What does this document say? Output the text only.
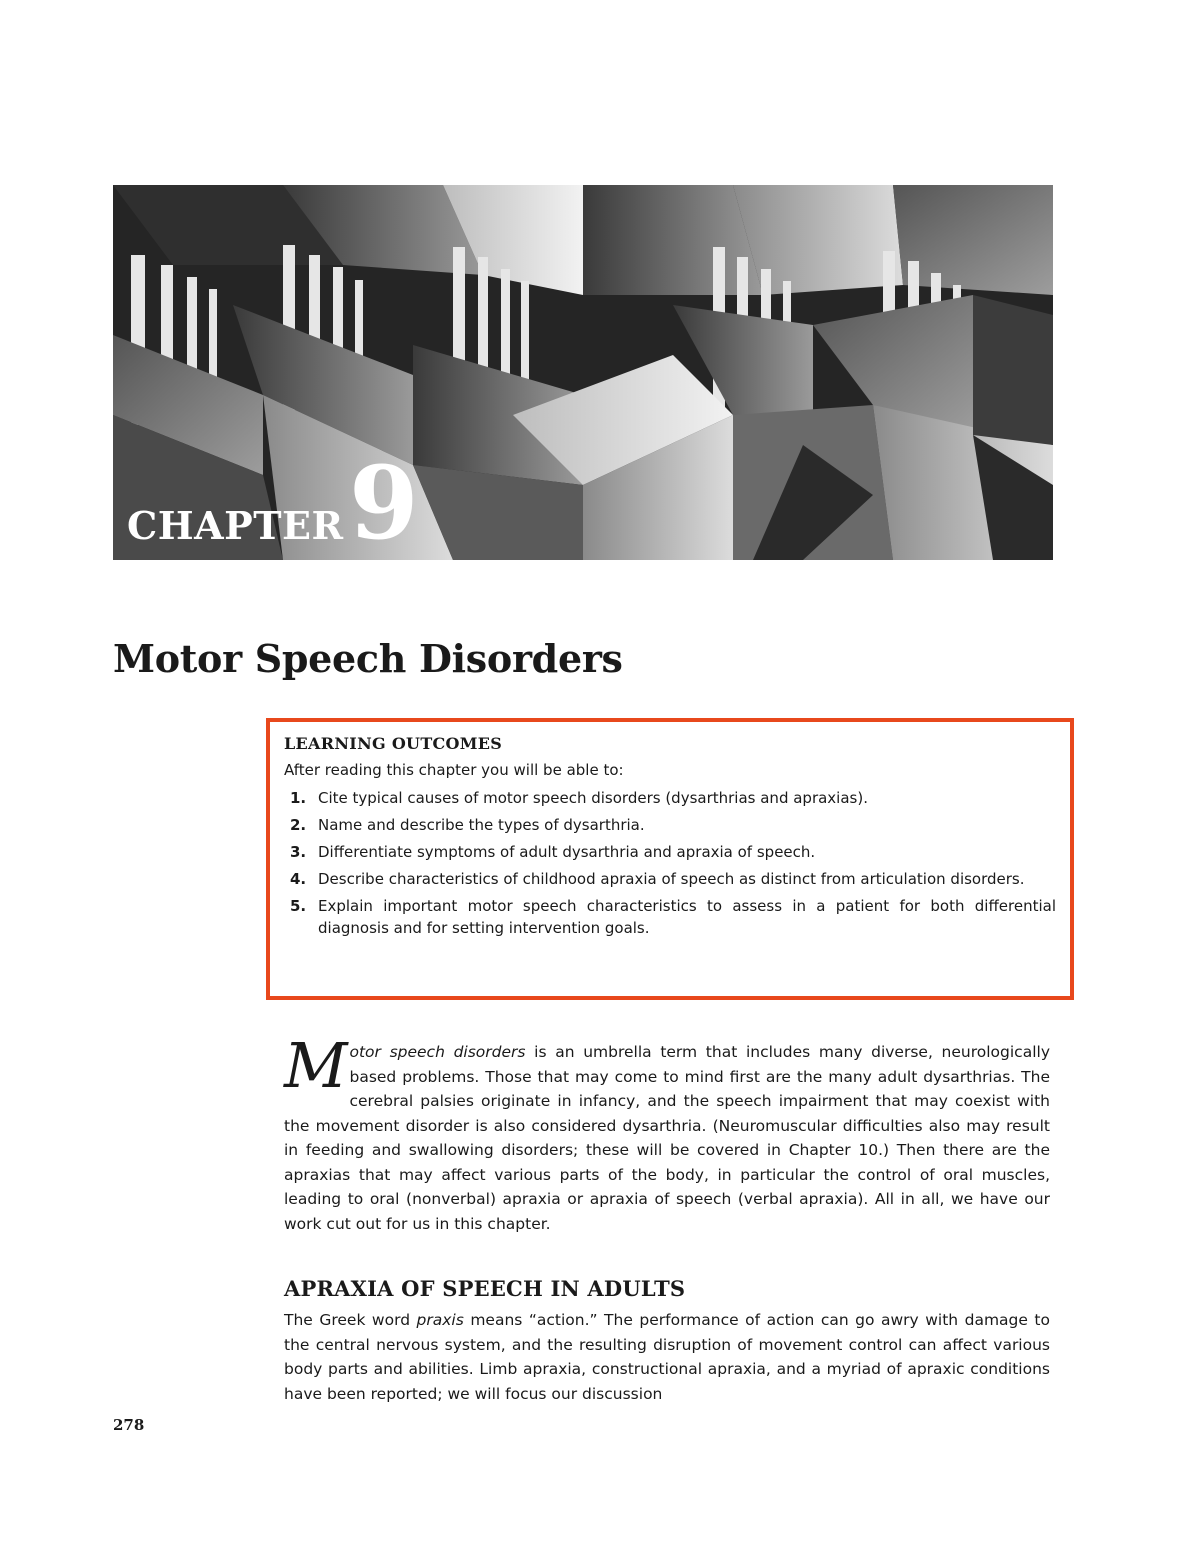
CHAPTER 9
Motor Speech Disorders

LEARNING OUTCOMES

After reading this chapter you will be able to:

1. Cite typical causes of motor speech disorders (dysarthrias and apraxias).
2. Name and describe the types of dysarthria.
3. Differentiate symptoms of adult dysarthria and apraxia of speech.
4. Describe characteristics of childhood apraxia of speech as distinct from articulation disorders.
5. Explain important motor speech characteristics to assess in a patient for both differential diagnosis and for setting intervention goals.

Motor speech disorders is an umbrella term that includes many diverse, neurologically based problems. Those that may come to mind first are the many adult dysarthrias. The cerebral palsies originate in infancy, and the speech impairment that may coexist with the movement disorder is also considered dysarthria. (Neuromuscular difficulties also may result in feeding and swallowing disorders; these will be covered in Chapter 10.) Then there are the apraxias that may affect various parts of the body, in particular the control of oral muscles, leading to oral (nonverbal) apraxia or apraxia of speech (verbal apraxia). All in all, we have our work cut out for us in this chapter.

APRAXIA OF SPEECH IN ADULTS

The Greek word praxis means “action.” The performance of action can go awry with damage to the central nervous system, and the resulting disruption of movement control can affect various body parts and abilities. Limb apraxia, constructional apraxia, and a myriad of apraxic conditions have been reported; we will focus our discussion

278
